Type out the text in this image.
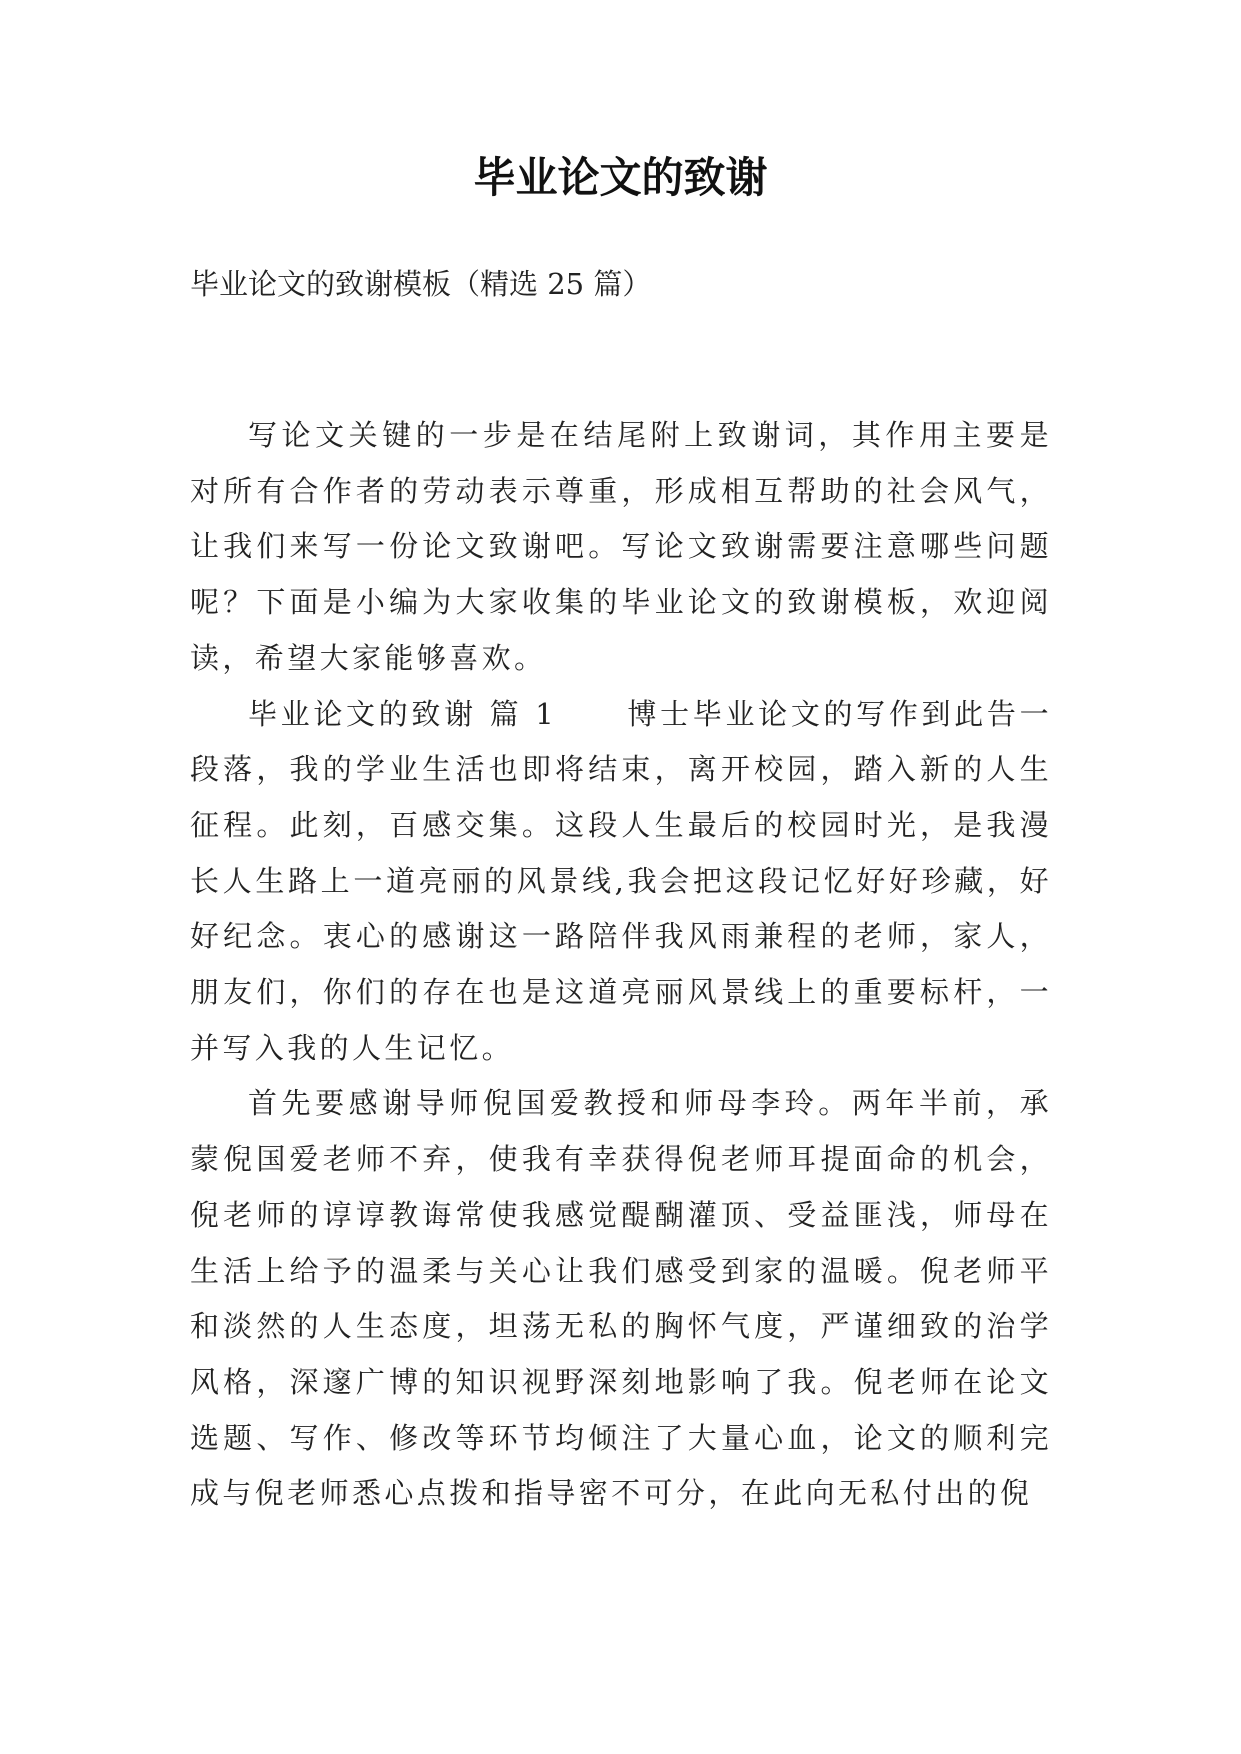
毕业论文的致谢
毕业论文的致谢模板（精选 25 篇）

写论文关键的一步是在结尾附上致谢词，其作用主要是对所有合作者的劳动表示尊重，形成相互帮助的社会风气，让我们来写一份论文致谢吧。写论文致谢需要注意哪些问题呢？下面是小编为大家收集的毕业论文的致谢模板，欢迎阅读，希望大家能够喜欢。

毕业论文的致谢 篇 1 博士毕业论文的写作到此告一段落，我的学业生活也即将结束，离开校园，踏入新的人生征程。此刻，百感交集。这段人生最后的校园时光，是我漫长人生路上一道亮丽的风景线,我会把这段记忆好好珍藏，好好纪念。衷心的感谢这一路陪伴我风雨兼程的老师，家人，朋友们，你们的存在也是这道亮丽风景线上的重要标杆，一并写入我的人生记忆。

首先要感谢导师倪国爱教授和师母李玲。两年半前，承蒙倪国爱老师不弃，使我有幸获得倪老师耳提面命的机会，倪老师的谆谆教诲常使我感觉醍醐灌顶、受益匪浅，师母在生活上给予的温柔与关心让我们感受到家的温暖。倪老师平和淡然的人生态度，坦荡无私的胸怀气度，严谨细致的治学风格，深邃广博的知识视野深刻地影响了我。倪老师在论文选题、写作、修改等环节均倾注了大量心血，论文的顺利完成与倪老师悉心点拨和指导密不可分，在此向无私付出的倪
